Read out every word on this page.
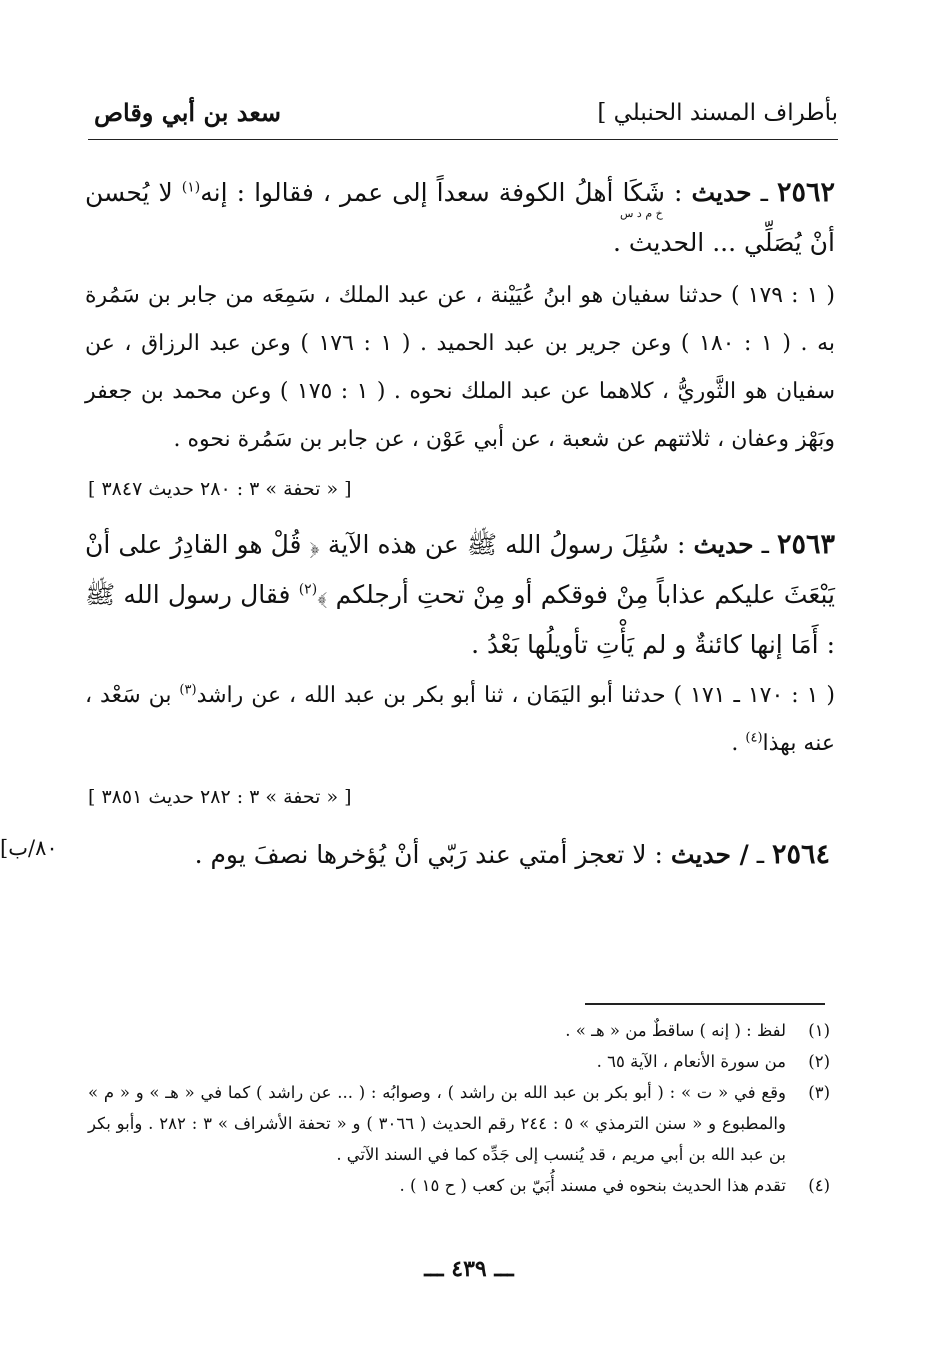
بأطراف المسند الحنبلي ]
سعد بن أبي وقاص
٢٥٦٢ ـ حديث : شَكَا أهلُ الكوفة سعداً إلى عمر ، فقالوا : إنه$^{(١)}$ لا يُحسن أنْ يُصَلِّي ... الحديث .
خ م د س
( ١ : ١٧٩ ) حدثنا سفيان هو ابنُ عُيَيْنة ، عن عبد الملك ، سَمِعَه من جابر بن سَمُرة به . ( ١ : ١٨٠ ) وعن جرير بن عبد الحميد . ( ١ : ١٧٦ ) وعن عبد الرزاق ، عن سفيان هو الثَّوريُّ ، كلاهما عن عبد الملك نحوه . ( ١ : ١٧٥ ) وعن محمد بن جعفر وبَهْز وعفان ، ثلاثتهم عن شعبة ، عن أبي عَوْن ، عن جابر بن سَمُرة نحوه .
[ « تحفة » ٣ : ٢٨٠ حديث ٣٨٤٧ ]
٢٥٦٣ ـ حديث : سُئِلَ رسولُ الله ﷺ عن هذه الآية ﴿ قُلْ هو القادِرُ على أنْ يَبْعَثَ عليكم عذاباً مِنْ فوقكم أو مِنْ تحتِ أرجلكم ﴾$^{(٢)}$ فقال رسول الله ﷺ : أَمَا إنها كائنةٌ و لم يَأْتِ تأويلُها بَعْدُ .
( ١ : ١٧٠ ـ ١٧١ ) حدثنا أبو اليَمَان ، ثنا أبو بكر بن عبد الله ، عن راشد$^{(٣)}$ بن سَعْد ، عنه بهذا$^{(٤)}$ .
[ « تحفة » ٣ : ٢٨٢ حديث ٣٨٥١ ]
٢٥٦٤ ـ / حديث : لا تعجز أمتي عند رَبّي أنْ يُؤخرها نصفَ يوم .
[٨٠/ب
(١)
لفظ : ( إنه ) ساقطٌ من « هـ » .
(٢)
من سورة الأنعام ، الآية ٦٥ .
(٣)
وقع في « ت » : ( أبو بكر بن عبد الله بن راشد ) ، وصوابُه : ( ... عن راشد ) كما في « هـ » و « م » والمطبوع و « سنن الترمذي » ٥ : ٢٤٤ رقم الحديث ( ٣٠٦٦ ) و « تحفة الأشراف » ٣ : ٢٨٢ . وأبو بكر بن عبد الله بن أبي مريم ، قد يُنسب إلى جَدِّه كما في السند الآتي .
(٤)
تقدم هذا الحديث بنحوه في مسند أُبَيّ بن كعب ( ح ١٥ ) .
ـــ ٤٣٩ ـــ
